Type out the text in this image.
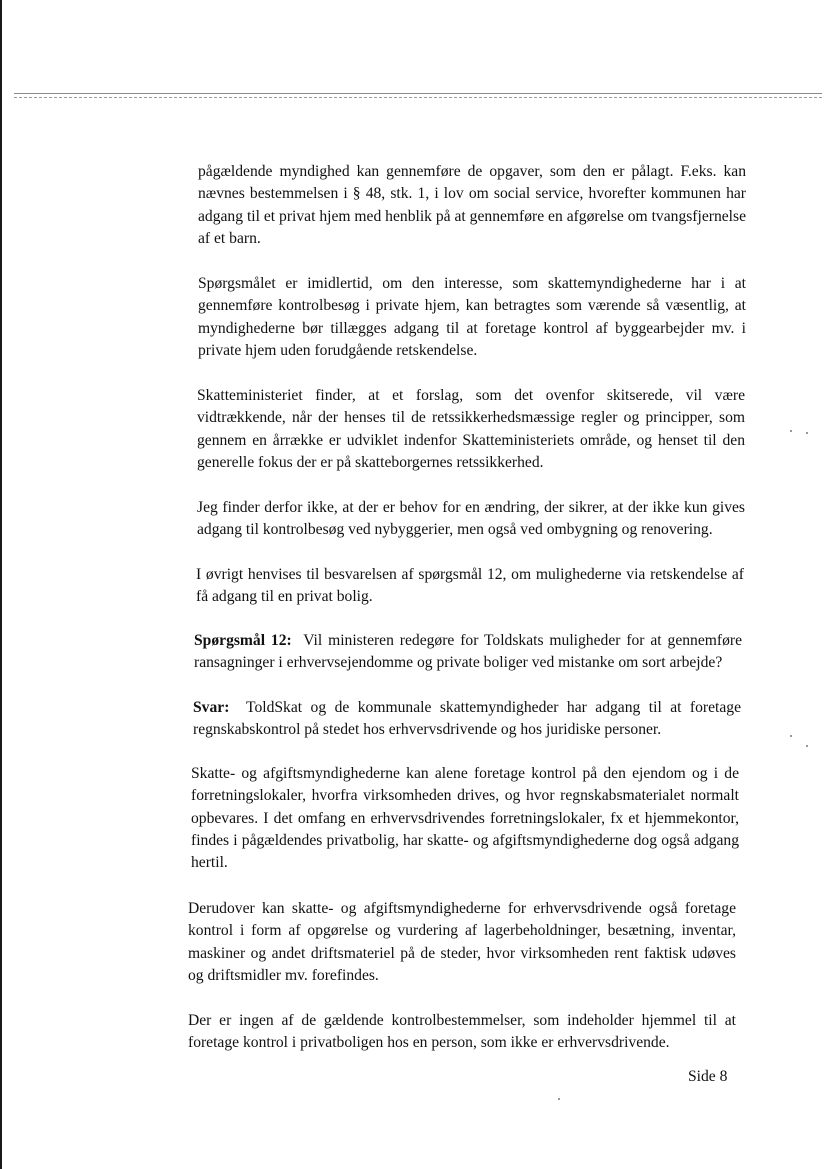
pågældende myndighed kan gennemføre de opgaver, som den er pålagt. F.eks. kan nævnes bestemmelsen i § 48, stk. 1, i lov om social service, hvorefter kommunen har adgang til et privat hjem med henblik på at gennemføre en afgørelse om tvangsfjernelse af et barn.

Spørgsmålet er imidlertid, om den interesse, som skattemyndighederne har i at gennemføre kontrolbesøg i private hjem, kan betragtes som værende så væsentlig, at myndighederne bør tillægges adgang til at foretage kontrol af byggearbejder mv. i private hjem uden forudgående retskendelse.

Skatteministeriet finder, at et forslag, som det ovenfor skitserede, vil være vidtrækkende, når der henses til de retssikkerhedsmæssige regler og principper, som gennem en årrække er udviklet indenfor Skatteministeriets område, og henset til den generelle fokus der er på skatteborgernes retssikkerhed.

Jeg finder derfor ikke, at der er behov for en ændring, der sikrer, at der ikke kun gives adgang til kontrolbesøg ved nybyggerier, men også ved ombygning og renovering.

I øvrigt henvises til besvarelsen af spørgsmål 12, om mulighederne via retskendelse af få adgang til en privat bolig.

Spørgsmål 12: Vil ministeren redegøre for Toldskats muligheder for at gennemføre ransagninger i erhvervsejendomme og private boliger ved mistanke om sort arbejde?

Svar: ToldSkat og de kommunale skattemyndigheder har adgang til at foretage regnskabskontrol på stedet hos erhvervsdrivende og hos juridiske personer.

Skatte- og afgiftsmyndighederne kan alene foretage kontrol på den ejendom og i de forretningslokaler, hvorfra virksomheden drives, og hvor regnskabsmaterialet normalt opbevares. I det omfang en erhvervsdrivendes forretningslokaler, fx et hjemmekontor, findes i pågældendes privatbolig, har skatte- og afgiftsmyndighederne dog også adgang hertil.

Derudover kan skatte- og afgiftsmyndighederne for erhvervsdrivende også foretage kontrol i form af opgørelse og vurdering af lagerbeholdninger, besætning, inventar, maskiner og andet driftsmateriel på de steder, hvor virksomheden rent faktisk udøves og driftsmidler mv. forefindes.

Der er ingen af de gældende kontrolbestemmelser, som indeholder hjemmel til at foretage kontrol i privatboligen hos en person, som ikke er erhvervsdrivende.

Side 8
